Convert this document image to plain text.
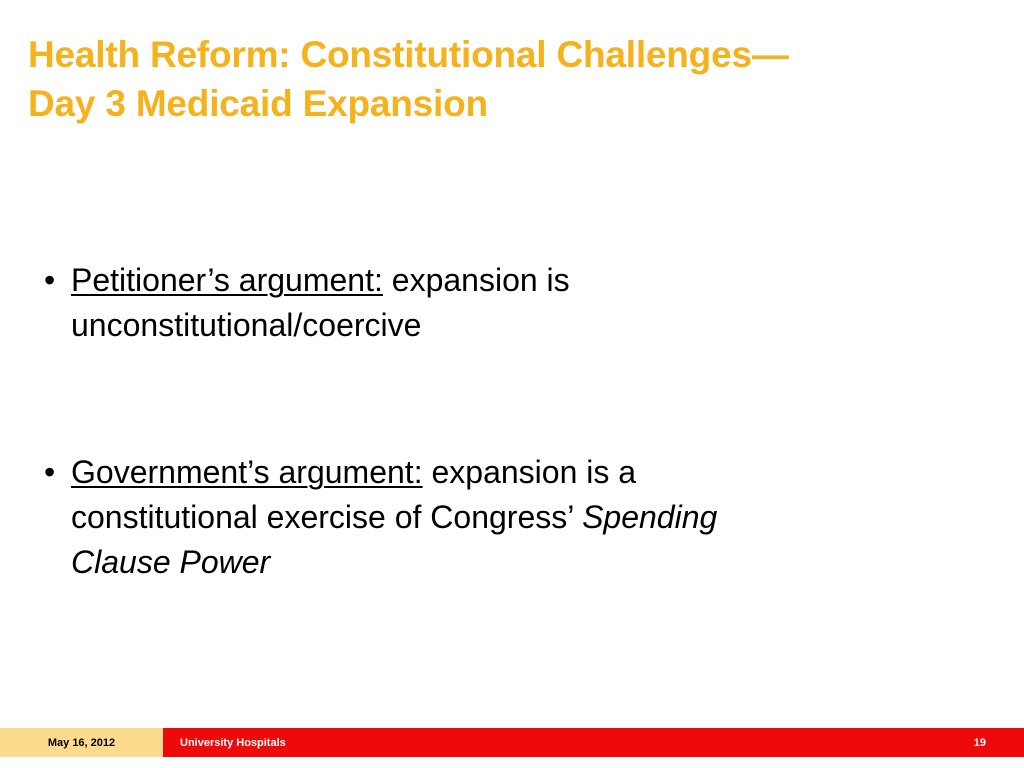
Health Reform: Constitutional Challenges—
Day 3 Medicaid Expansion
• Petitioner’s argument: expansion is
unconstitutional/coercive
• Government’s argument: expansion is a
constitutional exercise of Congress’ Spending
Clause Power
May 16, 2012	University Hospitals	19
